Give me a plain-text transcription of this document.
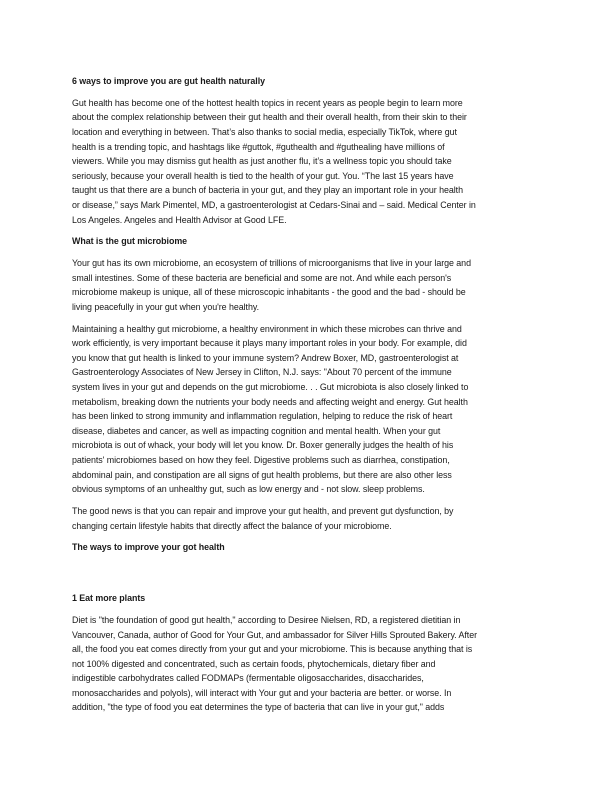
6 ways to improve you are gut health naturally
Gut health has become one of the hottest health topics in recent years as people begin to learn more
about the complex relationship between their gut health and their overall health, from their skin to their
location and everything in between. That’s also thanks to social media, especially TikTok, where gut
health is a trending topic, and hashtags like #guttok, #guthealth and #guthealing have millions of
viewers. While you may dismiss gut health as just another flu, it’s a wellness topic you should take
seriously, because your overall health is tied to the health of your gut. You. “The last 15 years have
taught us that there are a bunch of bacteria in your gut, and they play an important role in your health
or disease,” says Mark Pimentel, MD, a gastroenterologist at Cedars-Sinai and – said. Medical Center in
Los Angeles. Angeles and Health Advisor at Good LFE.
What is the gut microbiome
Your gut has its own microbiome, an ecosystem of trillions of microorganisms that live in your large and
small intestines. Some of these bacteria are beneficial and some are not. And while each person's
microbiome makeup is unique, all of these microscopic inhabitants - the good and the bad - should be
living peacefully in your gut when you're healthy.
Maintaining a healthy gut microbiome, a healthy environment in which these microbes can thrive and
work efficiently, is very important because it plays many important roles in your body. For example, did
you know that gut health is linked to your immune system? Andrew Boxer, MD, gastroenterologist at
Gastroenterology Associates of New Jersey in Clifton, N.J. says: "About 70 percent of the immune
system lives in your gut and depends on the gut microbiome. . . Gut microbiota is also closely linked to
metabolism, breaking down the nutrients your body needs and affecting weight and energy. Gut health
has been linked to strong immunity and inflammation regulation, helping to reduce the risk of heart
disease, diabetes and cancer, as well as impacting cognition and mental health. When your gut
microbiota is out of whack, your body will let you know. Dr. Boxer generally judges the health of his
patients' microbiomes based on how they feel. Digestive problems such as diarrhea, constipation,
abdominal pain, and constipation are all signs of gut health problems, but there are also other less
obvious symptoms of an unhealthy gut, such as low energy and - not slow. sleep problems.
The good news is that you can repair and improve your gut health, and prevent gut dysfunction, by
changing certain lifestyle habits that directly affect the balance of your microbiome.
The ways to improve your got health
1 Eat more plants
Diet is "the foundation of good gut health," according to Desiree Nielsen, RD, a registered dietitian in
Vancouver, Canada, author of Good for Your Gut, and ambassador for Silver Hills Sprouted Bakery. After
all, the food you eat comes directly from your gut and your microbiome. This is because anything that is
not 100% digested and concentrated, such as certain foods, phytochemicals, dietary fiber and
indigestible carbohydrates called FODMAPs (fermentable oligosaccharides, disaccharides,
monosaccharides and polyols), will interact with Your gut and your bacteria are better. or worse. In
addition, "the type of food you eat determines the type of bacteria that can live in your gut," adds
